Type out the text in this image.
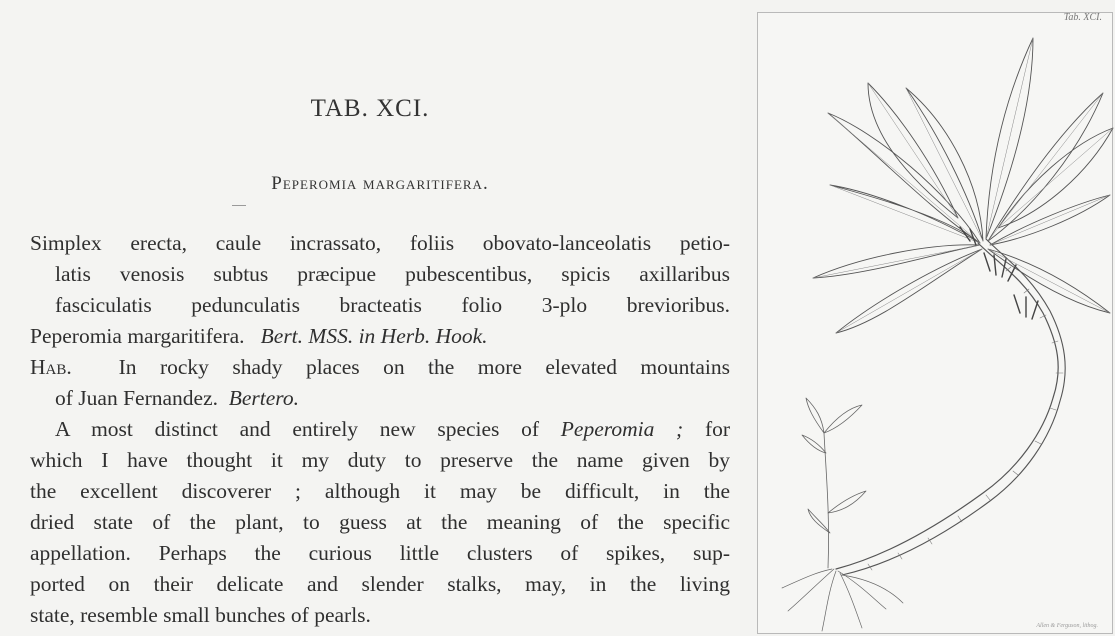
TAB. XCI.
Peperomia margaritifera.
Simplex erecta, caule incrassato, foliis obovato-lanceolatis petio-
latis venosis subtus præcipue pubescentibus, spicis axillaribus
fasciculatis pedunculatis bracteatis folio 3-plo brevioribus.
Peperomia margaritifera. Bert. MSS. in Herb. Hook.
Hab. In rocky shady places on the more elevated mountains
of Juan Fernandez. Bertero.
A most distinct and entirely new species of Peperomia ; for
which I have thought it my duty to preserve the name given by
the excellent discoverer ; although it may be difficult, in the
dried state of the plant, to guess at the meaning of the specific
appellation. Perhaps the curious little clusters of spikes, sup-
ported on their delicate and slender stalks, may, in the living
state, resemble small bunches of pearls.
Tab. XCI.
Allen & Ferguson, lithog.
